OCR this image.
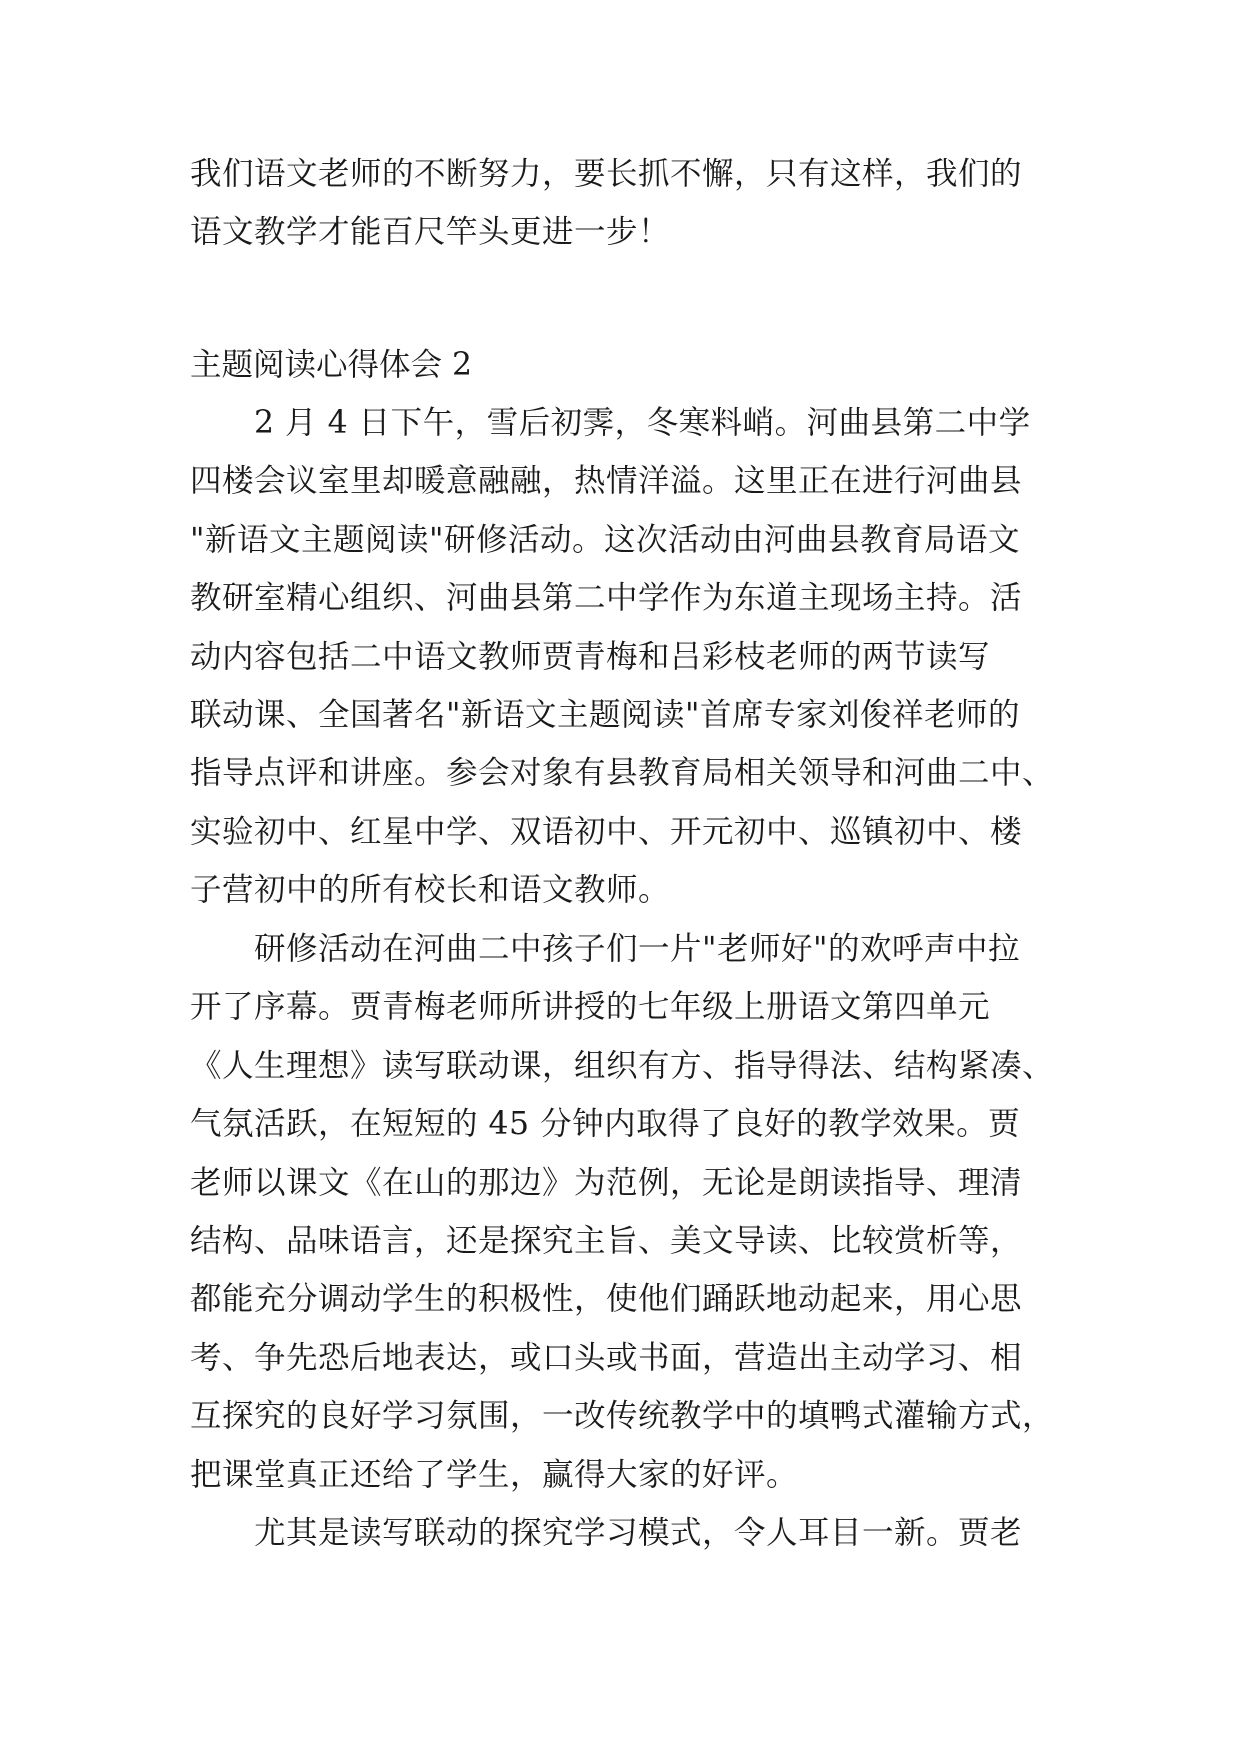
我们语文老师的不断努力，要长抓不懈，只有这样，我们的
语文教学才能百尺竿头更进一步！
主题阅读心得体会 2
2 月 4 日下午，雪后初霁，冬寒料峭。河曲县第二中学
四楼会议室里却暖意融融，热情洋溢。这里正在进行河曲县
"新语文主题阅读"研修活动。这次活动由河曲县教育局语文
教研室精心组织、河曲县第二中学作为东道主现场主持。活
动内容包括二中语文教师贾青梅和吕彩枝老师的两节读写
联动课、全国著名"新语文主题阅读"首席专家刘俊祥老师的
指导点评和讲座。参会对象有县教育局相关领导和河曲二中、
实验初中、红星中学、双语初中、开元初中、巡镇初中、楼
子营初中的所有校长和语文教师。
研修活动在河曲二中孩子们一片"老师好"的欢呼声中拉
开了序幕。贾青梅老师所讲授的七年级上册语文第四单元
《人生理想》读写联动课，组织有方、指导得法、结构紧凑、
气氛活跃，在短短的 45 分钟内取得了良好的教学效果。贾
老师以课文《在山的那边》为范例，无论是朗读指导、理清
结构、品味语言，还是探究主旨、美文导读、比较赏析等，
都能充分调动学生的积极性，使他们踊跃地动起来，用心思
考、争先恐后地表达，或口头或书面，营造出主动学习、相
互探究的良好学习氛围，一改传统教学中的填鸭式灌输方式，
把课堂真正还给了学生，赢得大家的好评。
尤其是读写联动的探究学习模式，令人耳目一新。贾老
